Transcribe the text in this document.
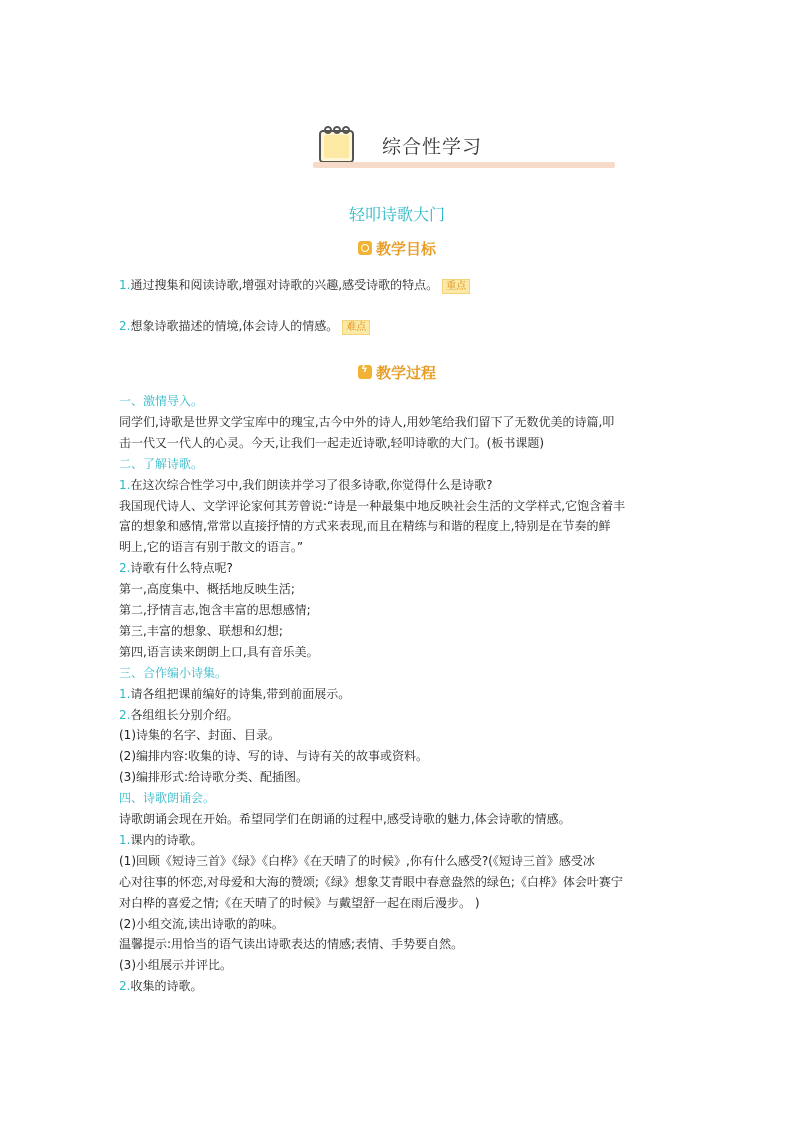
综合性学习
轻叩诗歌大门
教学目标
1.通过搜集和阅读诗歌,增强对诗歌的兴趣,感受诗歌的特点。 重点
2.想象诗歌描述的情境,体会诗人的情感。 难点
ϟ教学过程
一、激情导入。
同学们,诗歌是世界文学宝库中的瑰宝,古今中外的诗人,用妙笔给我们留下了无数优美的诗篇,叩
击一代又一代人的心灵。今天,让我们一起走近诗歌,轻叩诗歌的大门。(板书课题)
二、了解诗歌。
1.在这次综合性学习中,我们朗读并学习了很多诗歌,你觉得什么是诗歌?
我国现代诗人、文学评论家何其芳曾说:“诗是一种最集中地反映社会生活的文学样式,它饱含着丰
富的想象和感情,常常以直接抒情的方式来表现,而且在精练与和谐的程度上,特别是在节奏的鲜
明上,它的语言有别于散文的语言。”
2.诗歌有什么特点呢?
第一,高度集中、概括地反映生活;
第二,抒情言志,饱含丰富的思想感情;
第三,丰富的想象、联想和幻想;
第四,语言读来朗朗上口,具有音乐美。
三、合作编小诗集。
1.请各组把课前编好的诗集,带到前面展示。
2.各组组长分别介绍。
(1)诗集的名字、封面、目录。
(2)编排内容:收集的诗、写的诗、与诗有关的故事或资料。
(3)编排形式:给诗歌分类、配插图。
四、诗歌朗诵会。
诗歌朗诵会现在开始。希望同学们在朗诵的过程中,感受诗歌的魅力,体会诗歌的情感。
1.课内的诗歌。
(1)回顾《短诗三首》《绿》《白桦》《在天晴了的时候》,你有什么感受?(《短诗三首》感受冰
心对往事的怀恋,对母爱和大海的赞颂;《绿》想象艾青眼中春意盎然的绿色;《白桦》体会叶赛宁
对白桦的喜爱之情;《在天晴了的时候》与戴望舒一起在雨后漫步。 )
(2)小组交流,读出诗歌的韵味。
温馨提示:用恰当的语气读出诗歌表达的情感;表情、手势要自然。
(3)小组展示并评比。
2.收集的诗歌。
